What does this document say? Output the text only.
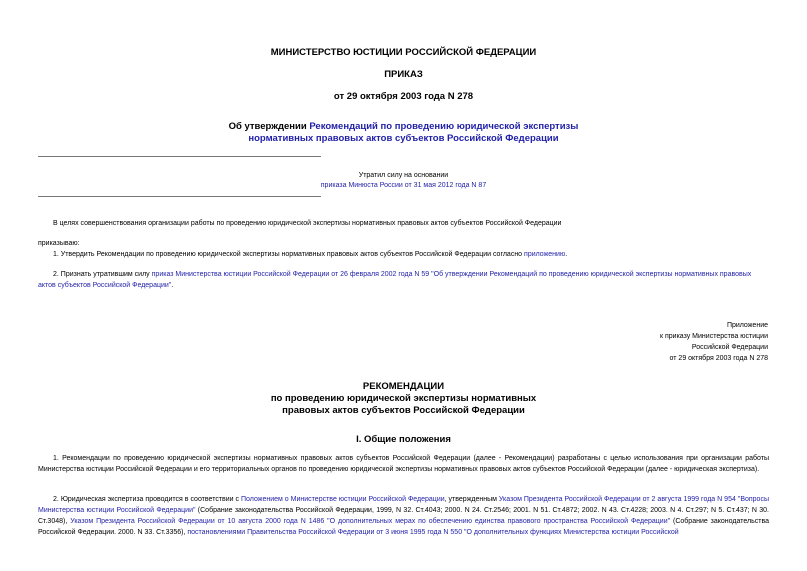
МИНИСТЕРСТВО ЮСТИЦИИ РОССИЙСКОЙ ФЕДЕРАЦИИ
ПРИКАЗ
от 29 октября 2003 года N 278
Об утверждении Рекомендаций по проведению юридической экспертизы
нормативных правовых актов субъектов Российской Федерации
Утратил силу на основании
приказа Минюста России от 31 мая 2012 года N 87
В целях совершенствования организации работы по проведению юридической экспертизы нормативных правовых актов субъектов Российской Федерации
приказываю:
1. Утвердить Рекомендации по проведению юридической экспертизы нормативных правовых актов субъектов Российской Федерации согласно приложению.
2. Признать утратившим силу приказ Министерства юстиции Российской Федерации от 26 февраля 2002 года N 59 "Об утверждении Рекомендаций по проведению юридической экспертизы нормативных правовых актов субъектов Российской Федерации".
Приложение
к приказу Министерства юстиции
Российской Федерации
от 29 октября 2003 года N 278
РЕКОМЕНДАЦИИ
по проведению юридической экспертизы нормативных
правовых актов субъектов Российской Федерации
I. Общие положения
1. Рекомендации по проведению юридической экспертизы нормативных правовых актов субъектов Российской Федерации (далее - Рекомендации) разработаны с целью использования при организации работы Министерства юстиции Российской Федерации и его территориальных органов по проведению юридической экспертизы нормативных правовых актов субъектов Российской Федерации (далее - юридическая экспертиза).
2. Юридическая экспертиза проводится в соответствии с Положением о Министерстве юстиции Российской Федерации, утвержденным Указом Президента Российской Федерации от 2 августа 1999 года N 954 "Вопросы Министерства юстиции Российской Федерации" (Собрание законодательства Российской Федерации, 1999, N 32. Ст.4043; 2000. N 24. Ст.2546; 2001. N 51. Ст.4872; 2002. N 43. Ст.4228; 2003. N 4. Ст.297; N 5. Ст.437; N 30. Ст.3048), Указом Президента Российской Федерации от 10 августа 2000 года N 1486 "О дополнительных мерах по обеспечению единства правового пространства Российской Федерации" (Собрание законодательства Российской Федерации. 2000. N 33. Ст.3356), постановлениями Правительства Российской Федерации от 3 июня 1995 года N 550 "О дополнительных функциях Министерства юстиции Российской
